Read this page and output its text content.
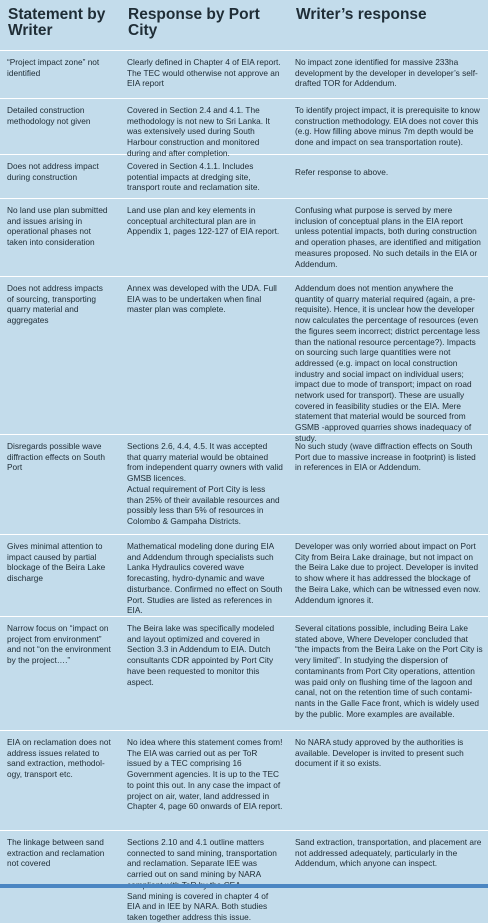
Statement by Writer
Response by Port City
Writer’s response
“Project impact zone” not identified
Clearly defined in Chapter 4 of EIA report. The TEC would otherwise not approve an EIA report
No impact zone identified for massive 233ha development by the developer in developer’s self-drafted TOR for Addendum.
Detailed construction methodology not given
Covered in Section 2.4 and 4.1. The methodology is not new to Sri Lanka. It was extensively used during South Harbour construction and monitored during and after completion.
To identify project impact, it is prerequisite to know construction methodology. EIA does not cover this (e.g. How filling above minus 7m depth would be done and impact on sea transportation route).
Does not address impact during construction
Covered in Section 4.1.1. Includes potential impacts at dredging site, transport route and reclamation site.
Refer response to above.
No land use plan submitted and issues arising in operational phases not taken into consideration
Land use plan and key elements in conceptual architectural plan are in Appendix 1, pages 122-127 of EIA report.
Confusing what purpose is served by mere inclusion of conceptual plans in the EIA report unless potential impacts, both during construction and operation phases, are identified and mitigation measures proposed. No such details in the EIA or Addendum.
Does not address impacts of sourcing, transporting quarry material and aggregates
Annex was developed with the UDA. Full EIA was to be undertaken when final master plan was complete.
Addendum does not mention anywhere the quantity of quarry material required (again, a pre-requisite). Hence, it is unclear how the developer now calculates the percentage of resources (even the figures seem incorrect; district percentage less than the national resource percentage?). Impacts on sourcing such large quantities were not addressed (e.g. impact on local construction industry and social impact on individual users; impact due to mode of transport; impact on road network used for transport). These are usually covered in feasibility studies or the EIA. Mere statement that material would be sourced from GSMB -approved quarries shows inadequacy of study.
Disregards possible wave diffraction effects on South Port
Sections 2.6, 4.4, 4.5. It was accepted that quarry material would be obtained from independent quarry owners with valid GMSB licences.
Actual requirement of Port City is less than 25% of their available resources and possibly less than 5% of resources in Colombo & Gampaha Districts.
No such study (wave diffraction effects on South Port due to massive increase in footprint) is listed in references in EIA or Addendum.
Gives minimal attention to impact caused by partial blockage of the Beira Lake discharge
Mathematical modeling done during EIA and Addendum through specialists such Lanka Hydraulics covered wave forecasting, hydro-dynamic and wave disturbance. Confirmed no effect on South Port. Studies are listed as references in EIA.
Developer was only worried about impact on Port City from Beira Lake drainage, but not impact on the Beira Lake due to project. Developer is invited to show where it has addressed the blockage of the Beira Lake, which can be witnessed even now. Addendum ignores it.
Narrow focus on “impact on project from environment” and not “on the environment by the project….”
The Beira lake was specifically modeled and layout optimized and covered in Section 3.3 in Addendum to EIA. Dutch consultants CDR appointed by Port City have been requested to monitor this aspect.
Several citations possible, including Beira Lake stated above, Where Developer concluded that “the impacts from the Beira Lake on the Port City is very limited”. In studying the dispersion of contaminants from Port City operations, attention was paid only on flushing time of the lagoon and canal, not on the retention time of such contami-nants in the Galle Face front, which is widely used by the public. More examples are available.
EIA on reclamation does not address issues related to sand extraction, methodol-ogy, transport etc.
No idea where this statement comes from! The EIA was carried out as per ToR issued by a TEC comprising 16 Government agencies. It is up to the TEC to point this out. In any case the impact of project on air, water, land addressed in Chapter 4, page 60 onwards of EIA report.
No NARA study approved by the authorities is available. Developer is invited to present such document if it so exists.
The linkage between sand extraction and reclamation not covered
Sections 2.10 and 4.1 outline matters connected to sand mining, transportation and reclamation. Separate IEE was carried out on sand mining by NARA
Sand mining is covered in chapter 4 of EIA and in IEE by NARA. Both studies taken together address this issue.
Sand extraction, transportation, and placement are not addressed adequately, particularly in the Addendum, which anyone can inspect.
